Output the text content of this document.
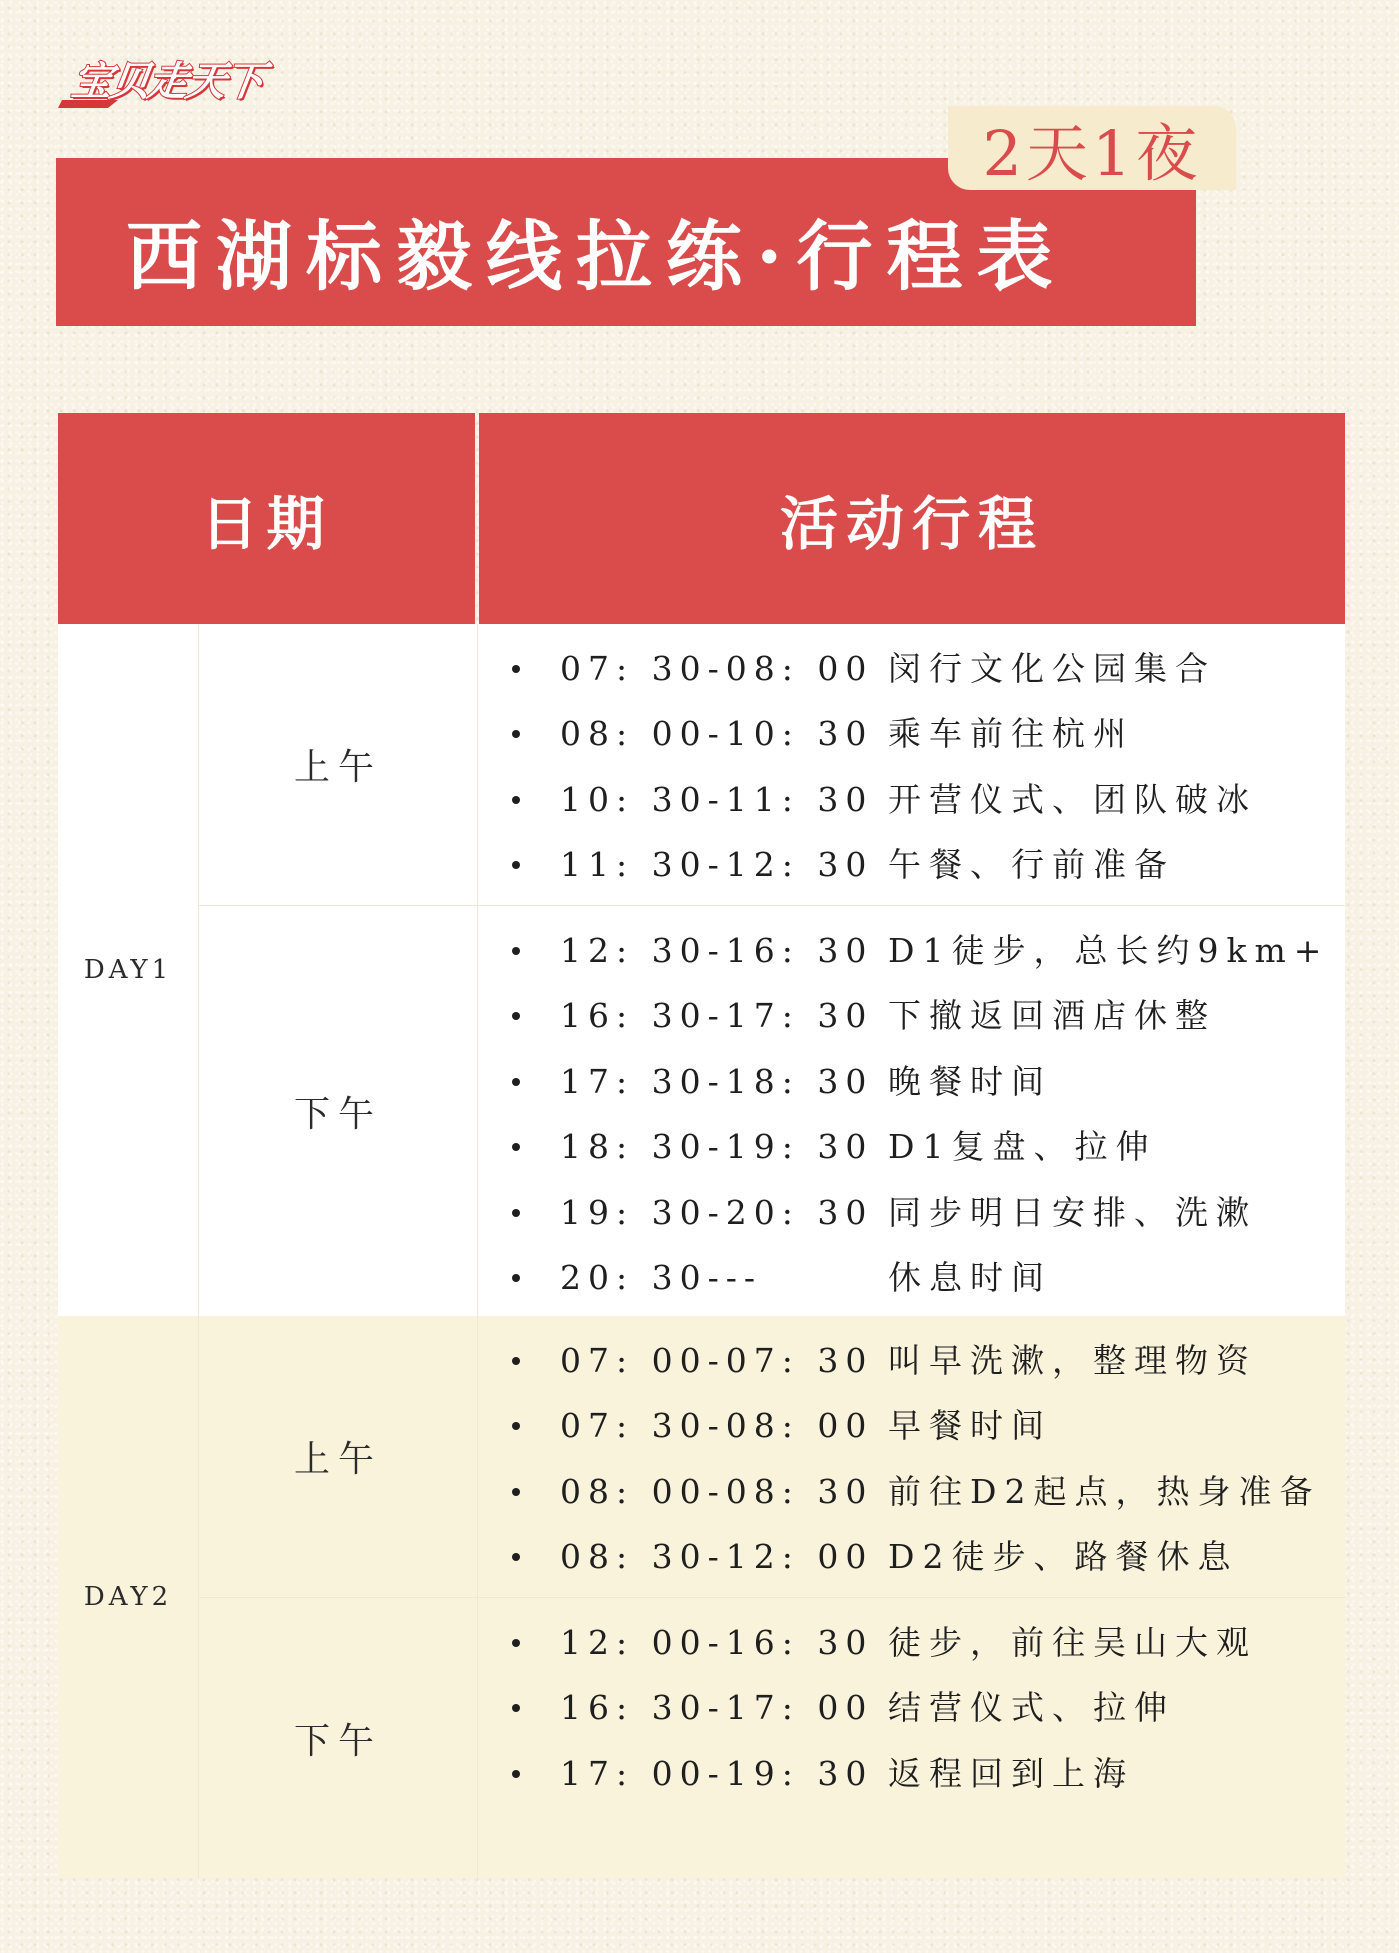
宝贝走天下
西湖标毅线拉练·行程表
2天1夜
日期	活动行程
DAY1
上午
07: 30-08: 00 闵行文化公园集合
08: 00-10: 30 乘车前往杭州
10: 30-11: 30 开营仪式、团队破冰
11: 30-12: 30 午餐、行前准备
下午
12: 30-16: 30 D1徒步，总长约9km+
16: 30-17: 30 下撤返回酒店休整
17: 30-18: 30 晚餐时间
18: 30-19: 30 D1复盘、拉伸
19: 30-20: 30 同步明日安排、洗漱
20: 30---	休息时间
DAY2
上午
07: 00-07: 30 叫早洗漱，整理物资
07: 30-08: 00 早餐时间
08: 00-08: 30 前往D2起点，热身准备
08: 30-12: 00 D2徒步、路餐休息
下午
12: 00-16: 30 徒步，前往吴山大观
16: 30-17: 00 结营仪式、拉伸
17: 00-19: 30 返程回到上海
